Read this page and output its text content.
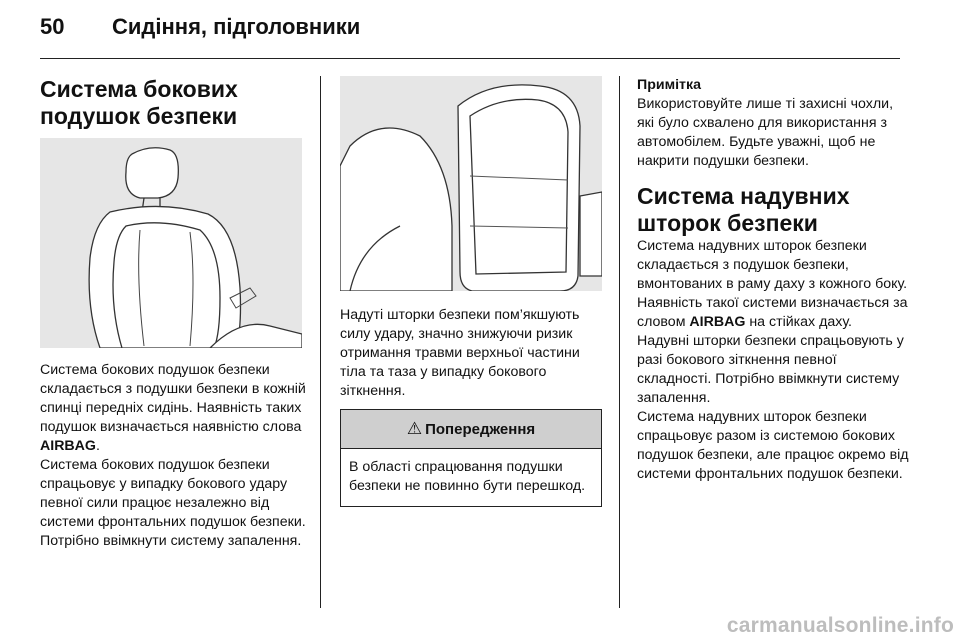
50 Сидіння, підголовники
Система бокових подушок безпеки

Система бокових подушок безпеки складається з подушки безпеки в кожній спинці передніх сидінь. Наявність таких подушок визначається наявністю слова
AIRBAG.

Система бокових подушок безпеки спрацьовує у випадку бокового удару певної сили працює незалежно від системи фронтальних подушок безпеки. Потрібно ввімкнути систему запалення.

Надуті шторки безпеки пом’якшують силу удару, значно знижуючи ризик отримання травми верхньої частини тіла та таза у випадку бокового зіткнення.

⚠ Попередження
В області спрацювання подушки безпеки не повинно бути перешкод.

Примітка

Використовуйте лише ті захисні чохли, які було схвалено для використання з автомобілем. Будьте уважні, щоб не накрити подушки безпеки.

Система надувних шторок безпеки

Система надувних шторок безпеки складається з подушок безпеки, вмонтованих в раму даху з кожного боку. Наявність такої системи визначається за словом AIRBAG на стійках даху.

Надувні шторки безпеки спрацьовують у разі бокового зіткнення певної складності. Потрібно ввімкнути систему запалення.

Система надувних шторок безпеки спрацьовує разом із системою бокових подушок безпеки, але працює окремо від системи фронтальних подушок безпеки.

carmanualsonline.info
